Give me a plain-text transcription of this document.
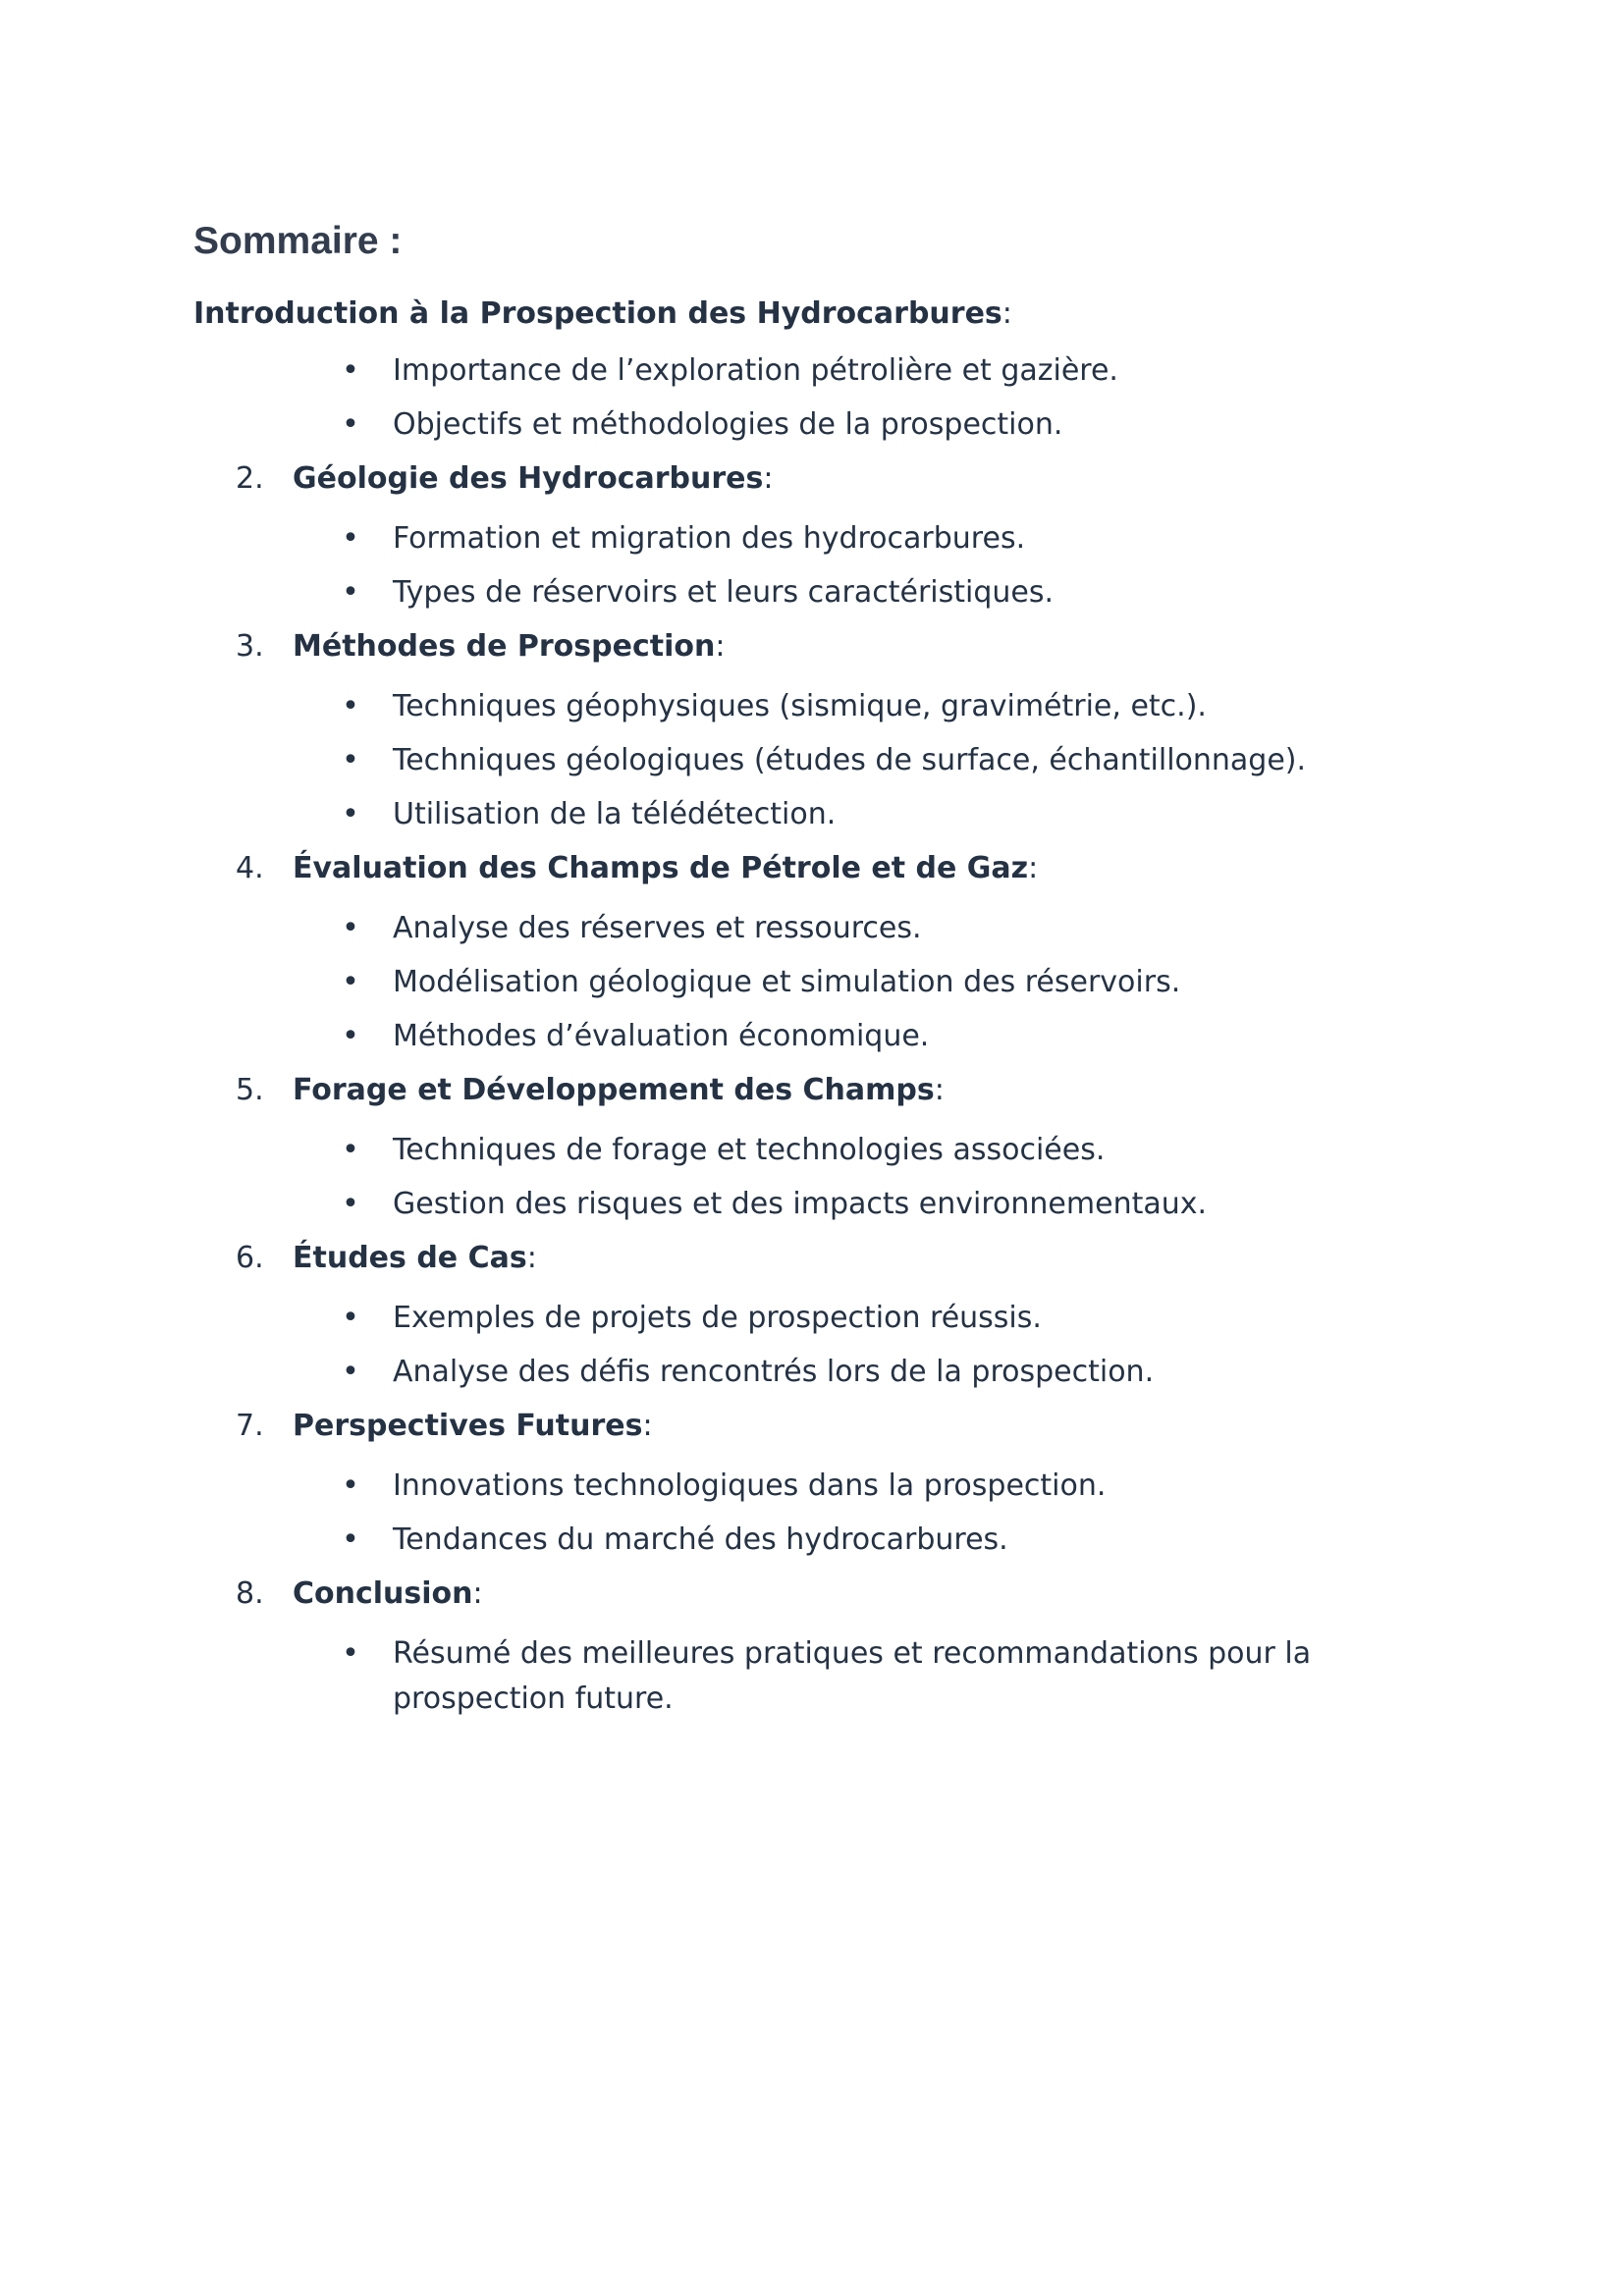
Sommaire :

Introduction à la Prospection des Hydrocarbures:

• Importance de l’exploration pétrolière et gazière.
• Objectifs et méthodologies de la prospection.

2. Géologie des Hydrocarbures:

• Formation et migration des hydrocarbures.
• Types de réservoirs et leurs caractéristiques.

3. Méthodes de Prospection:

• Techniques géophysiques (sismique, gravimétrie, etc.).
• Techniques géologiques (études de surface, échantillonnage).
• Utilisation de la télédétection.

4. Évaluation des Champs de Pétrole et de Gaz:

• Analyse des réserves et ressources.
• Modélisation géologique et simulation des réservoirs.
• Méthodes d’évaluation économique.

5. Forage et Développement des Champs:

• Techniques de forage et technologies associées.
• Gestion des risques et des impacts environnementaux.

6. Études de Cas:

• Exemples de projets de prospection réussis.
• Analyse des défis rencontrés lors de la prospection.

7. Perspectives Futures:

• Innovations technologiques dans la prospection.
• Tendances du marché des hydrocarbures.

8. Conclusion:

• Résumé des meilleures pratiques et recommandations pour la prospection future.
